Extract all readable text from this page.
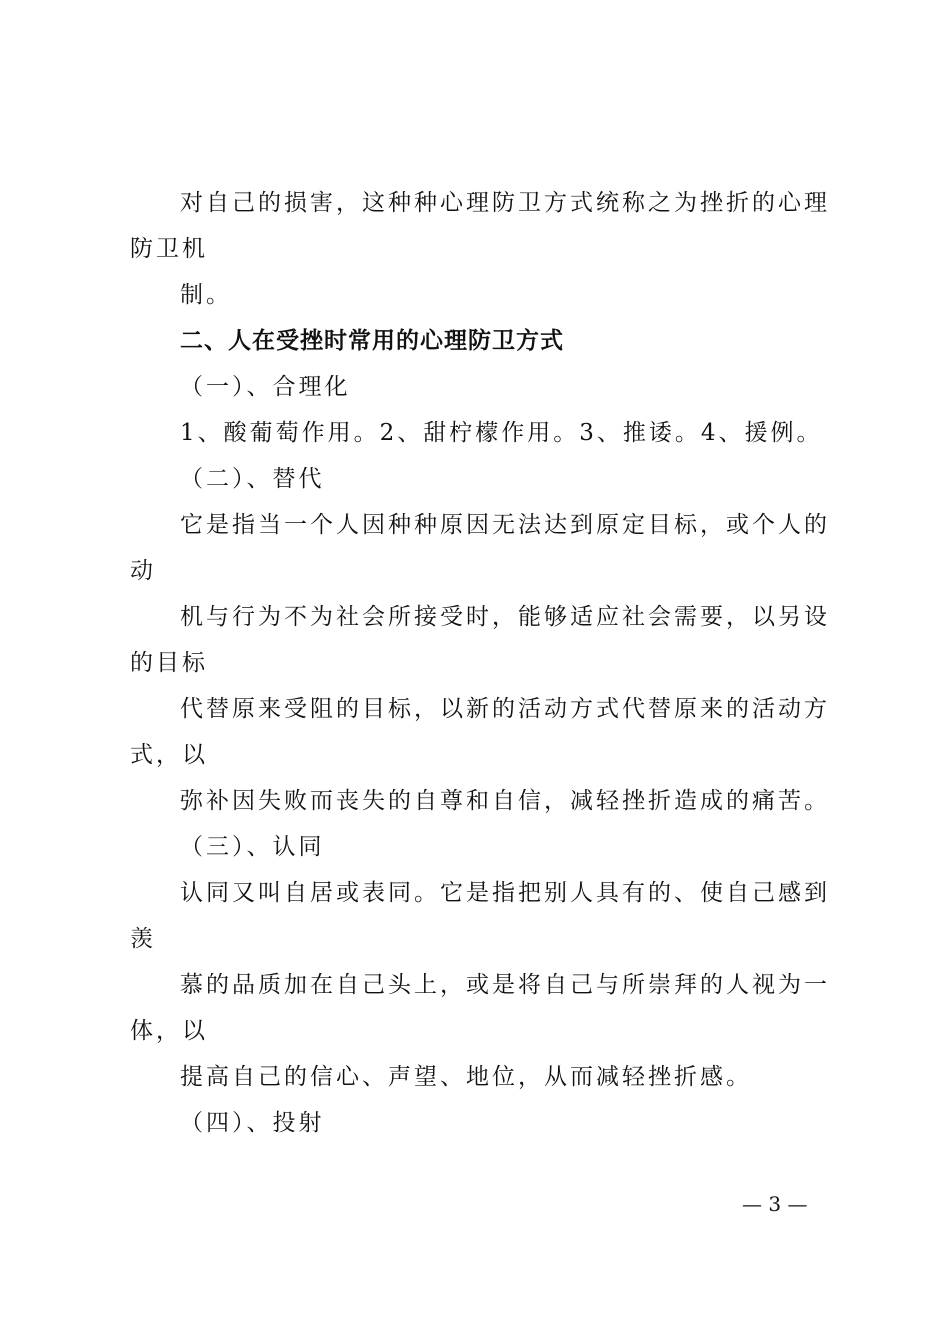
对自己的损害，这种种心理防卫方式统称之为挫折的心理
防卫机
制。
二、人在受挫时常用的心理防卫方式
（一）、合理化
1、酸葡萄作用。2、甜柠檬作用。3、推诿。4、援例。
（二）、替代
它是指当一个人因种种原因无法达到原定目标，或个人的
动
机与行为不为社会所接受时，能够适应社会需要，以另设
的目标
代替原来受阻的目标，以新的活动方式代替原来的活动方
式，以
弥补因失败而丧失的自尊和自信，减轻挫折造成的痛苦。
（三）、认同
认同又叫自居或表同。它是指把别人具有的、使自己感到
羡
慕的品质加在自己头上，或是将自己与所崇拜的人视为一
体，以
提高自己的信心、声望、地位，从而减轻挫折感。
（四）、投射
— 3 —
